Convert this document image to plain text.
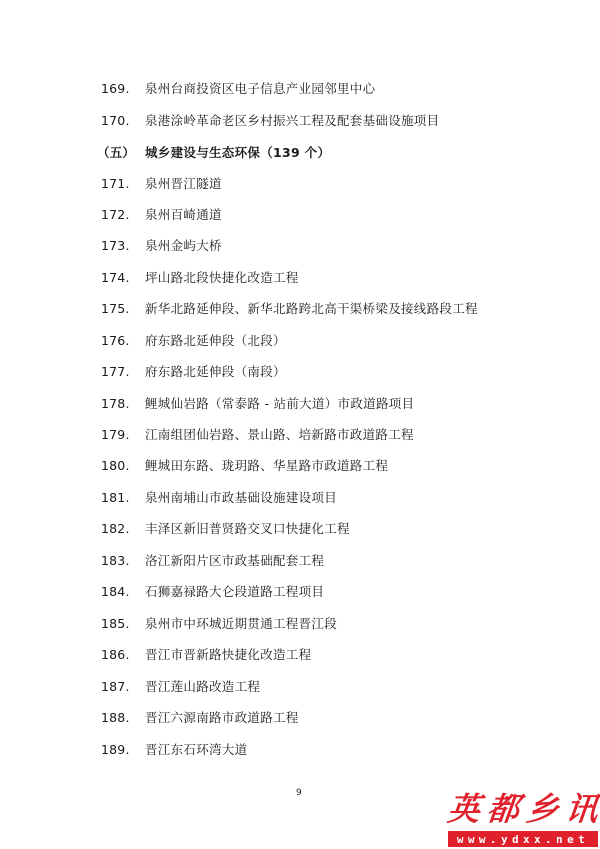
169.	泉州台商投资区电子信息产业园邻里中心
170.	泉港涂岭革命老区乡村振兴工程及配套基础设施项目
（五） 城乡建设与生态环保（139 个）
171.	泉州晋江隧道
172.	泉州百崎通道
173.	泉州金屿大桥
174.	坪山路北段快捷化改造工程
175.	新华北路延伸段、新华北路跨北高干渠桥梁及接线路段工程
176.	府东路北延伸段（北段）
177.	府东路北延伸段（南段）
178.	鲤城仙岩路（常泰路 - 站前大道）市政道路项目
179.	江南组团仙岩路、景山路、培新路市政道路工程
180.	鲤城田东路、珑玥路、华星路市政道路工程
181.	泉州南埔山市政基础设施建设项目
182.	丰泽区新旧普贤路交叉口快捷化工程
183.	洛江新阳片区市政基础配套工程
184.	石狮嘉禄路大仑段道路工程项目
185.	泉州市中环城近期贯通工程晋江段
186.	晋江市晋新路快捷化改造工程
187.	晋江莲山路改造工程
188.	晋江六源南路市政道路工程
189.	晋江东石环湾大道
9	英 都 乡 讯
www.ydxx.net
